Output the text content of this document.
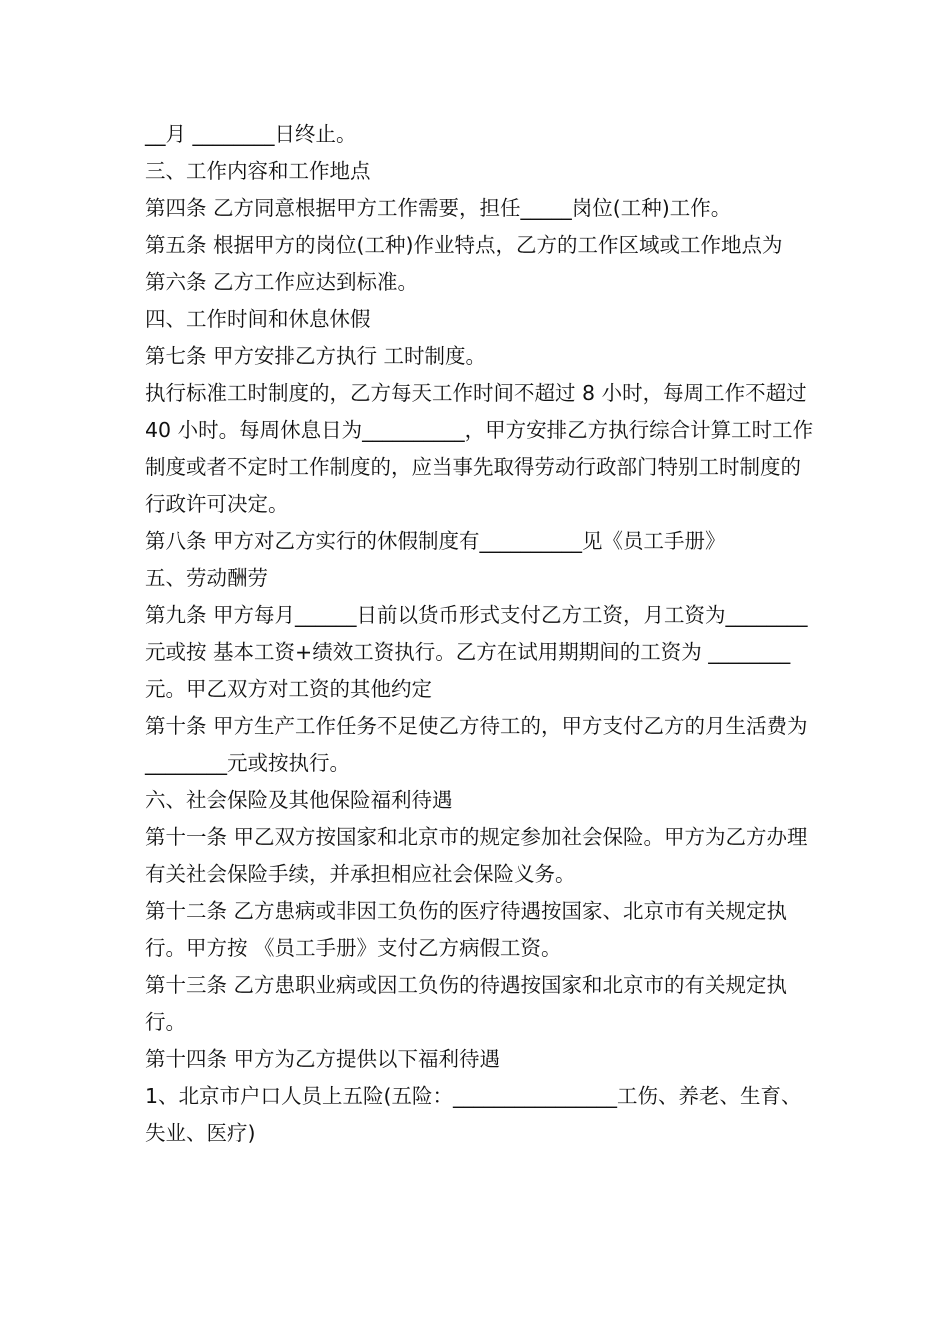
__月 ________日终止。

三、工作内容和工作地点

第四条 乙方同意根据甲方工作需要，担任_____岗位(工种)工作。

第五条 根据甲方的岗位(工种)作业特点，乙方的工作区域或工作地点为

第六条 乙方工作应达到标准。

四、工作时间和休息休假

第七条 甲方安排乙方执行 工时制度。

执行标准工时制度的，乙方每天工作时间不超过 8 小时，每周工作不超过 40 小时。每周休息日为__________，甲方安排乙方执行综合计算工时工作制度或者不定时工作制度的，应当事先取得劳动行政部门特别工时制度的行政许可决定。

第八条 甲方对乙方实行的休假制度有__________见《员工手册》

五、劳动酬劳

第九条 甲方每月______日前以货币形式支付乙方工资，月工资为________元或按 基本工资+绩效工资执行。乙方在试用期期间的工资为 ________元。甲乙双方对工资的其他约定

第十条 甲方生产工作任务不足使乙方待工的，甲方支付乙方的月生活费为 ________元或按执行。

六、社会保险及其他保险福利待遇

第十一条 甲乙双方按国家和北京市的规定参加社会保险。甲方为乙方办理有关社会保险手续，并承担相应社会保险义务。

第十二条 乙方患病或非因工负伤的医疗待遇按国家、北京市有关规定执行。甲方按 《员工手册》支付乙方病假工资。

第十三条 乙方患职业病或因工负伤的待遇按国家和北京市的有关规定执行。

第十四条 甲方为乙方提供以下福利待遇

1、北京市户口人员上五险(五险：________________工伤、养老、生育、失业、医疗)
